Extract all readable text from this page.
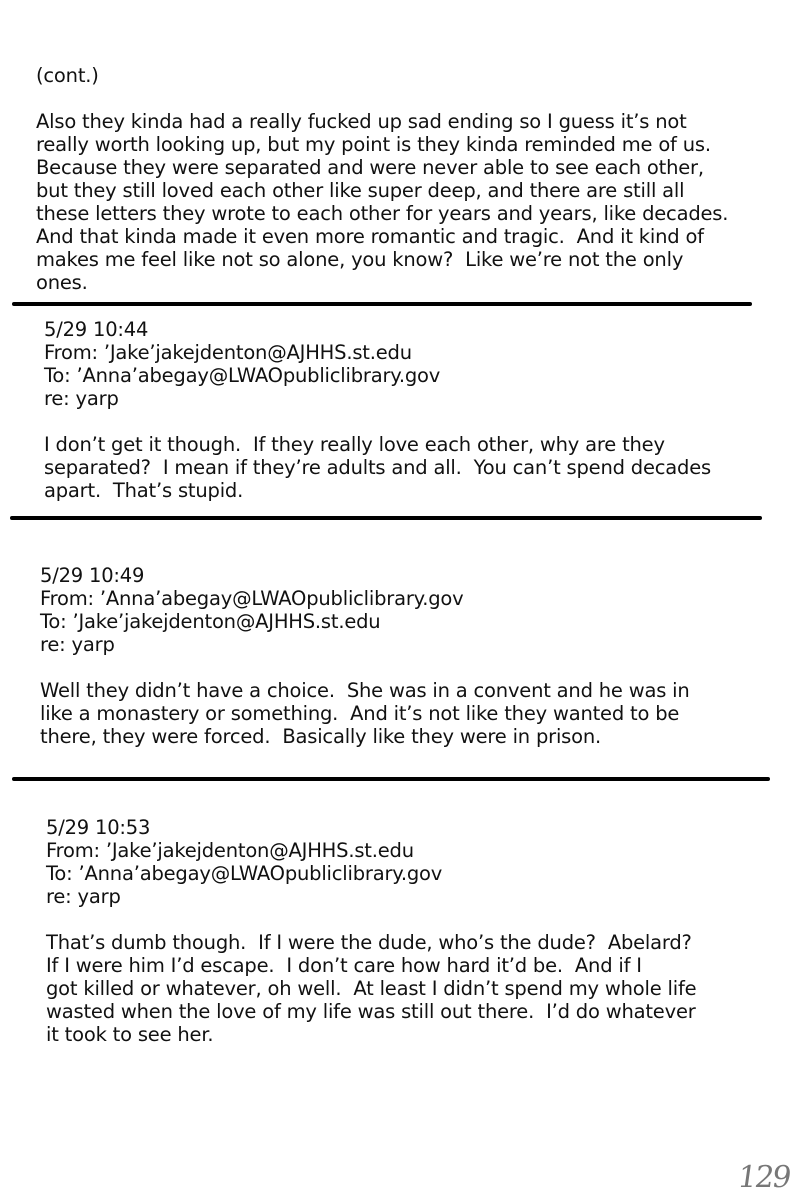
(cont.)
Also they kinda had a really fucked up sad ending so I guess it’s not
really worth looking up, but my point is they kinda reminded me of us.
Because they were separated and were never able to see each other,
but they still loved each other like super deep, and there are still all
these letters they wrote to each other for years and years, like decades.
And that kinda made it even more romantic and tragic.  And it kind of
makes me feel like not so alone, you know?  Like we’re not the only
ones.
5/29 10:44
From: ’Jake’jakejdenton@AJHHS.st.edu
To: ’Anna’abegay@LWAOpubliclibrary.gov
re: yarp
I don’t get it though.  If they really love each other, why are they
separated?  I mean if they’re adults and all.  You can’t spend decades
apart.  That’s stupid.
5/29 10:49
From: ’Anna’abegay@LWAOpubliclibrary.gov
To: ’Jake’jakejdenton@AJHHS.st.edu
re: yarp
Well they didn’t have a choice.  She was in a convent and he was in
like a monastery or something.  And it’s not like they wanted to be
there, they were forced.  Basically like they were in prison.
5/29 10:53
From: ’Jake’jakejdenton@AJHHS.st.edu
To: ’Anna’abegay@LWAOpubliclibrary.gov
re: yarp
That’s dumb though.  If I were the dude, who’s the dude?  Abelard?
If I were him I’d escape.  I don’t care how hard it’d be.  And if I
got killed or whatever, oh well.  At least I didn’t spend my whole life
wasted when the love of my life was still out there.  I’d do whatever
it took to see her.
129
